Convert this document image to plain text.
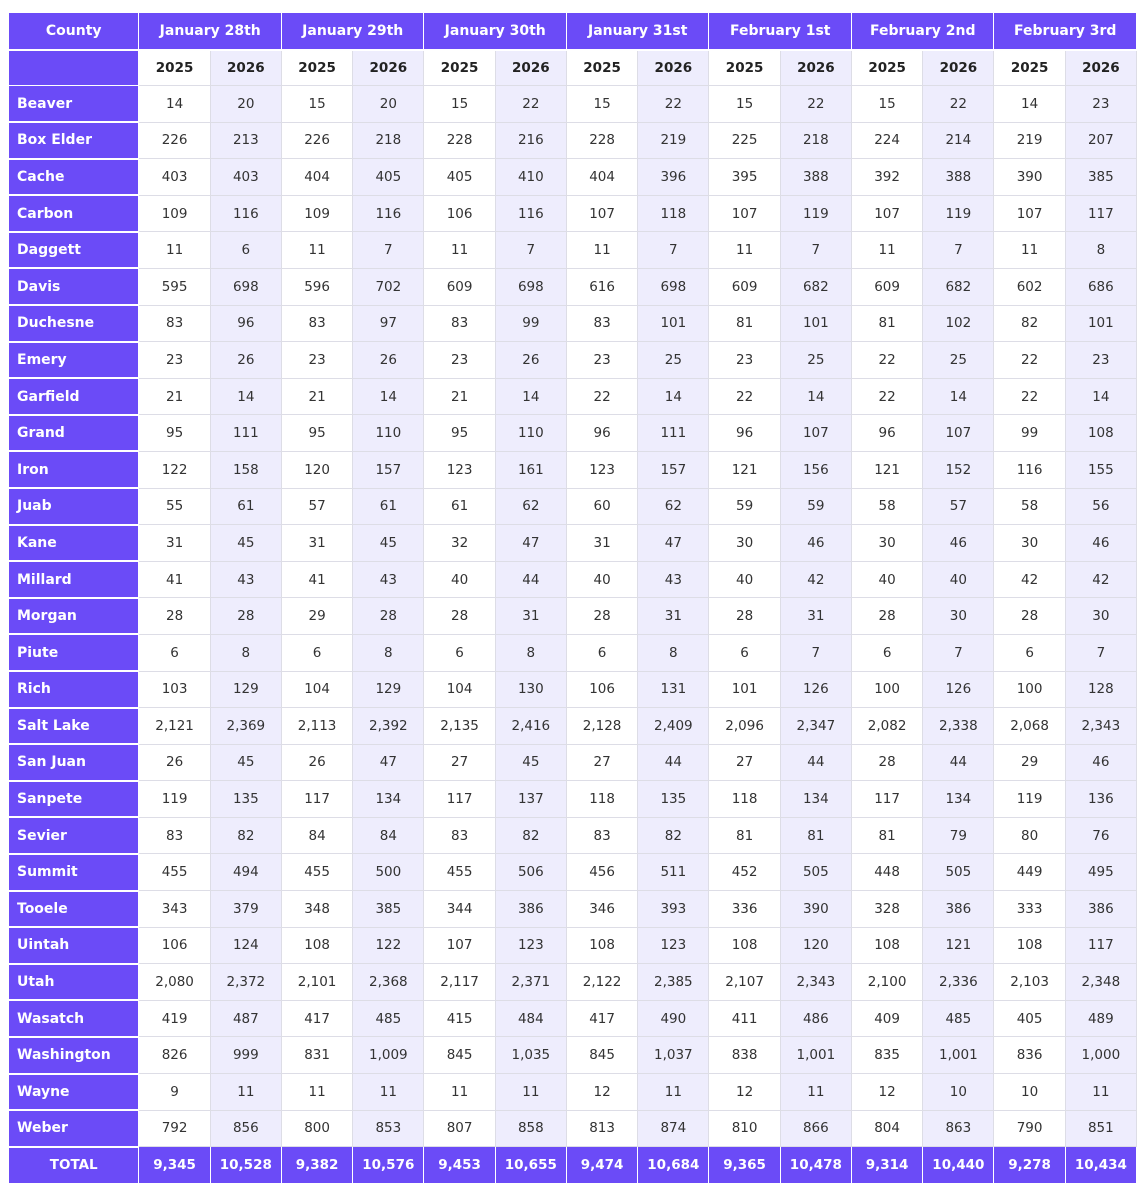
County	January 28th		January 29th		January 30th		January 31st		February 1st		February 2nd		February 3rd	
	2025	2026	2025	2026	2025	2026	2025	2026	2025	2026	2025	2026	2025	2026
Beaver	14	20	15	20	15	22	15	22	15	22	15	22	14	23
Box Elder	226	213	226	218	228	216	228	219	225	218	224	214	219	207
Cache	403	403	404	405	405	410	404	396	395	388	392	388	390	385
Carbon	109	116	109	116	106	116	107	118	107	119	107	119	107	117
Daggett	11	6	11	7	11	7	11	7	11	7	11	7	11	8
Davis	595	698	596	702	609	698	616	698	609	682	609	682	602	686
Duchesne	83	96	83	97	83	99	83	101	81	101	81	102	82	101
Emery	23	26	23	26	23	26	23	25	23	25	22	25	22	23
Garfield	21	14	21	14	21	14	22	14	22	14	22	14	22	14
Grand	95	111	95	110	95	110	96	111	96	107	96	107	99	108
Iron	122	158	120	157	123	161	123	157	121	156	121	152	116	155
Juab	55	61	57	61	61	62	60	62	59	59	58	57	58	56
Kane	31	45	31	45	32	47	31	47	30	46	30	46	30	46
Millard	41	43	41	43	40	44	40	43	40	42	40	40	42	42
Morgan	28	28	29	28	28	31	28	31	28	31	28	30	28	30
Piute	6	8	6	8	6	8	6	8	6	7	6	7	6	7
Rich	103	129	104	129	104	130	106	131	101	126	100	126	100	128
Salt Lake	2,121	2,369	2,113	2,392	2,135	2,416	2,128	2,409	2,096	2,347	2,082	2,338	2,068	2,343
San Juan	26	45	26	47	27	45	27	44	27	44	28	44	29	46
Sanpete	119	135	117	134	117	137	118	135	118	134	117	134	119	136
Sevier	83	82	84	84	83	82	83	82	81	81	81	79	80	76
Summit	455	494	455	500	455	506	456	511	452	505	448	505	449	495
Tooele	343	379	348	385	344	386	346	393	336	390	328	386	333	386
Uintah	106	124	108	122	107	123	108	123	108	120	108	121	108	117
Utah	2,080	2,372	2,101	2,368	2,117	2,371	2,122	2,385	2,107	2,343	2,100	2,336	2,103	2,348
Wasatch	419	487	417	485	415	484	417	490	411	486	409	485	405	489
Washington	826	999	831	1,009	845	1,035	845	1,037	838	1,001	835	1,001	836	1,000
Wayne	9	11	11	11	11	11	12	11	12	11	12	10	10	11
Weber	792	856	800	853	807	858	813	874	810	866	804	863	790	851
TOTAL	9,345	10,528	9,382	10,576	9,453	10,655	9,474	10,684	9,365	10,478	9,314	10,440	9,278	10,434
